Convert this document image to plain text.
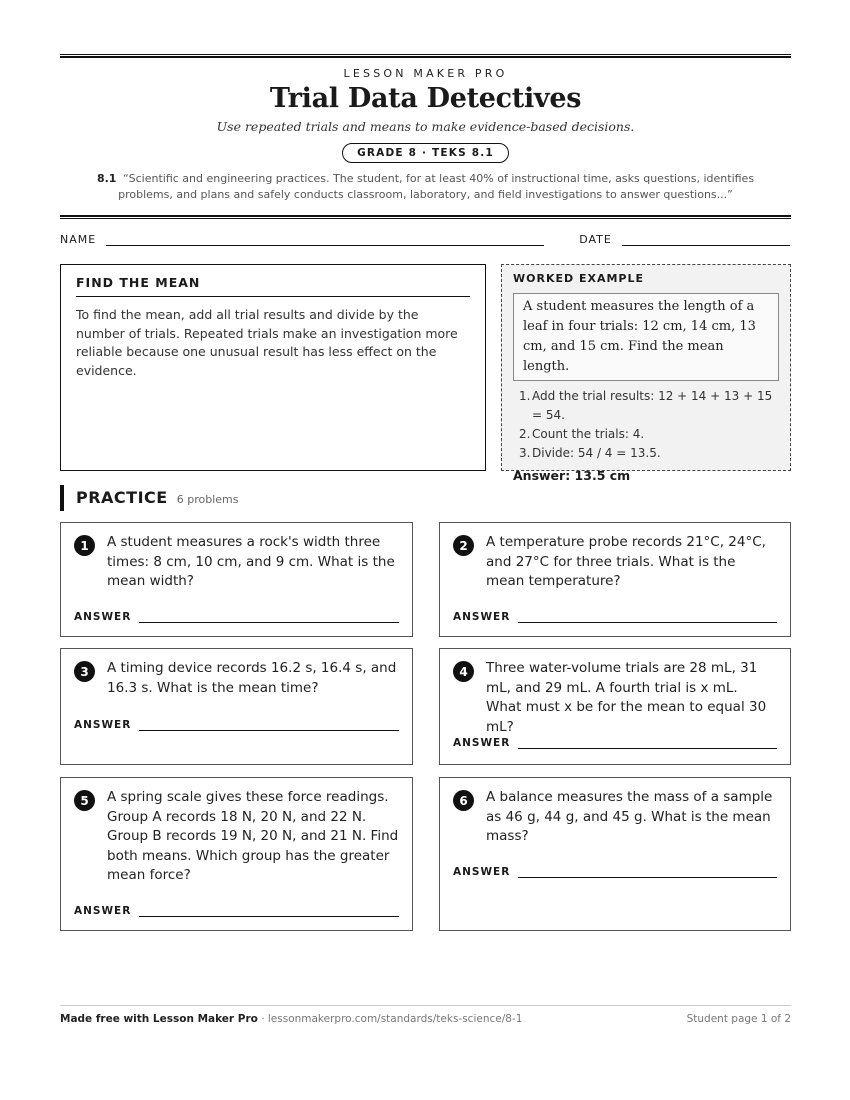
LESSON MAKER PRO
Trial Data Detectives
Use repeated trials and means to make evidence-based decisions.
GRADE 8 · TEKS 8.1
8.1 “Scientific and engineering practices. The student, for at least 40% of instructional time, asks questions, identifies problems, and plans and safely conducts classroom, laboratory, and field investigations to answer questions...”
NAME	DATE
FIND THE MEAN

To find the mean, add all trial results and divide by the number of trials. Repeated trials make an investigation more reliable because one unusual result has less effect on the evidence.

WORKED EXAMPLE
A student measures the length of a leaf in four trials: 12 cm, 14 cm, 13 cm, and 15 cm. Find the mean length.
1. Add the trial results: 12 + 14 + 13 + 15 = 54.
2. Count the trials: 4.
3. Divide: 54 / 4 = 13.5.
Answer: 13.5 cm
PRACTICE 6 problems
1	A student measures a rock's width three times: 8 cm, 10 cm, and 9 cm. What is the mean width?
ANSWER
2	A temperature probe records 21°C, 24°C, and 27°C for three trials. What is the mean temperature?
ANSWER
3	A timing device records 16.2 s, 16.4 s, and 16.3 s. What is the mean time?
ANSWER
4	Three water-volume trials are 28 mL, 31 mL, and 29 mL. A fourth trial is x mL. What must x be for the mean to equal 30 mL?
ANSWER
5	A spring scale gives these force readings. Group A records 18 N, 20 N, and 22 N. Group B records 19 N, 20 N, and 21 N. Find both means. Which group has the greater mean force?
ANSWER
6	A balance measures the mass of a sample as 46 g, 44 g, and 45 g. What is the mean mass?
ANSWER
Made free with Lesson Maker Pro · lessonmakerpro.com/standards/teks-science/8-1	Student page 1 of 2
